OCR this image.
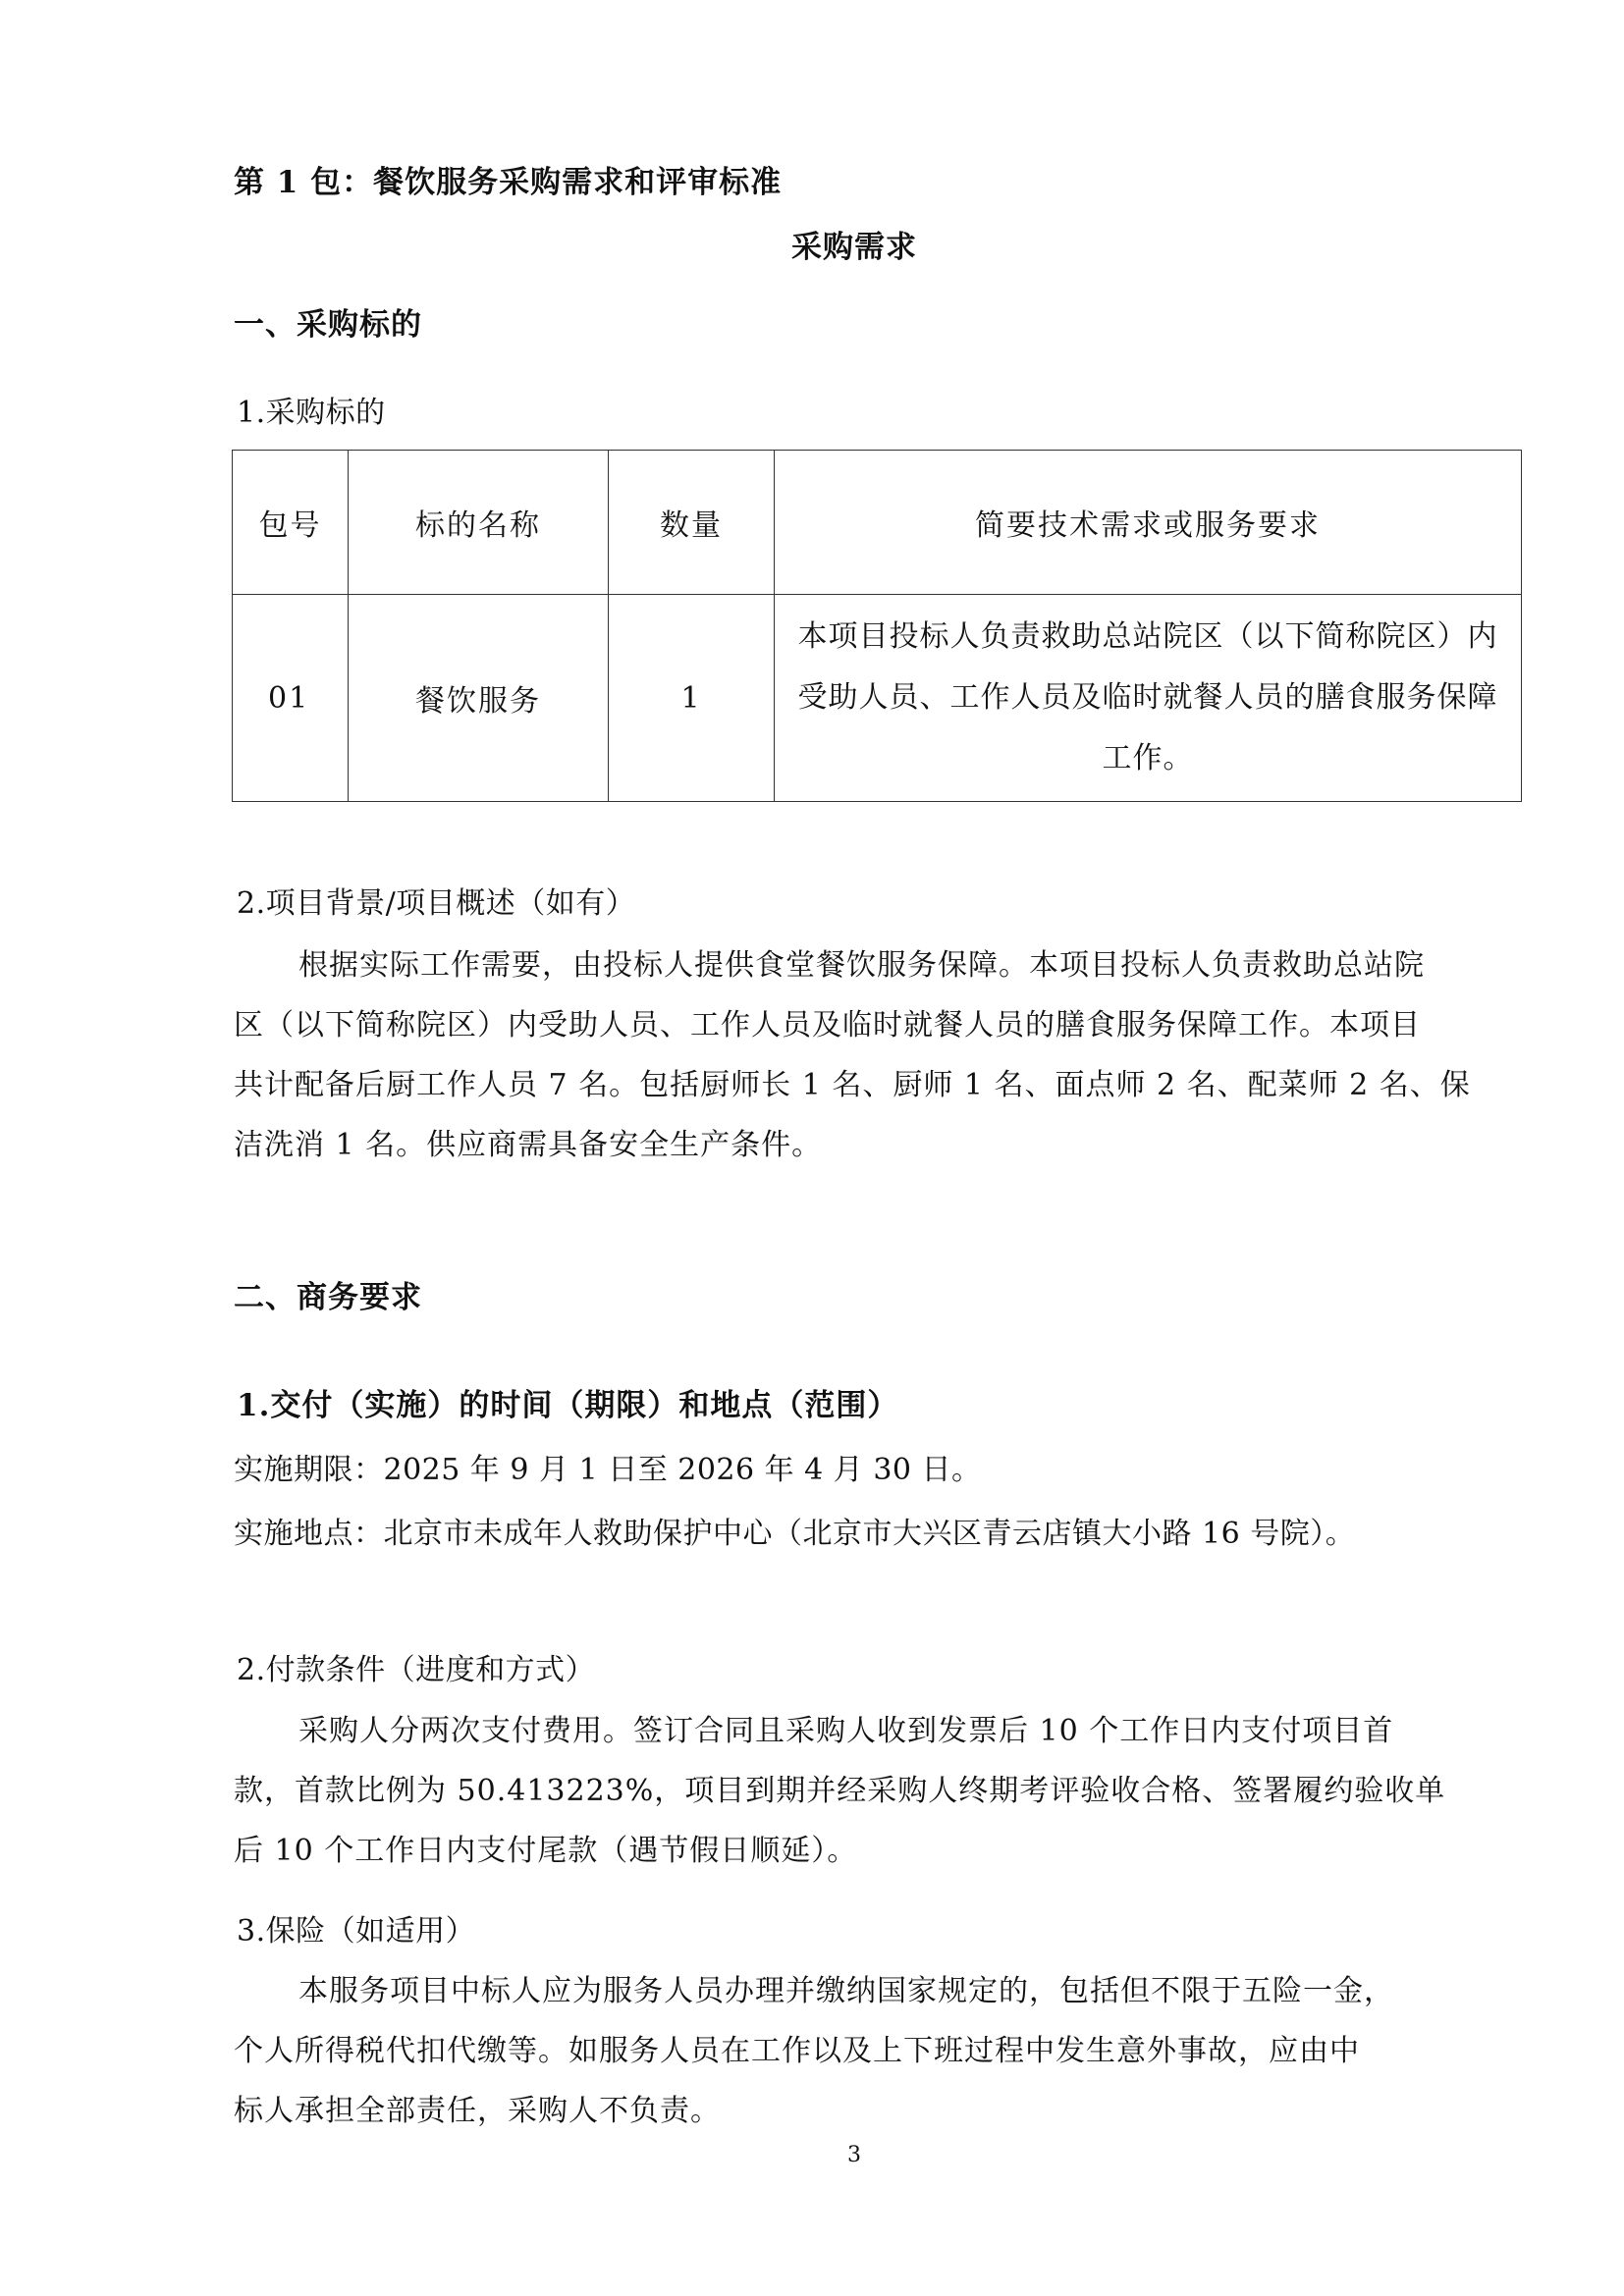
第 1 包：餐饮服务采购需求和评审标准
采购需求
一、采购标的
1.采购标的
包号	标的名称	数量	简要技术需求或服务要求
01	餐饮服务	1	本项目投标人负责救助总站院区（以下简称院区）内
受助人员、工作人员及临时就餐人员的膳食服务保障
工作。
2.项目背景/项目概述（如有）
根据实际工作需要，由投标人提供食堂餐饮服务保障。本项目投标人负责救助总站院
区（以下简称院区）内受助人员、工作人员及临时就餐人员的膳食服务保障工作。本项目
共计配备后厨工作人员 7 名。包括厨师长 1 名、厨师 1 名、面点师 2 名、配菜师 2 名、保
洁洗消 1 名。供应商需具备安全生产条件。
二、商务要求
1.交付（实施）的时间（期限）和地点（范围）
实施期限：2025 年 9 月 1 日至 2026 年 4 月 30 日。
实施地点：北京市未成年人救助保护中心（北京市大兴区青云店镇大小路 16 号院）。
2.付款条件（进度和方式）
采购人分两次支付费用。签订合同且采购人收到发票后 10 个工作日内支付项目首
款，首款比例为 50.413223%，项目到期并经采购人终期考评验收合格、签署履约验收单
后 10 个工作日内支付尾款（遇节假日顺延）。
3.保险（如适用）
本服务项目中标人应为服务人员办理并缴纳国家规定的，包括但不限于五险一金，
个人所得税代扣代缴等。如服务人员在工作以及上下班过程中发生意外事故，应由中
标人承担全部责任，采购人不负责。
3
